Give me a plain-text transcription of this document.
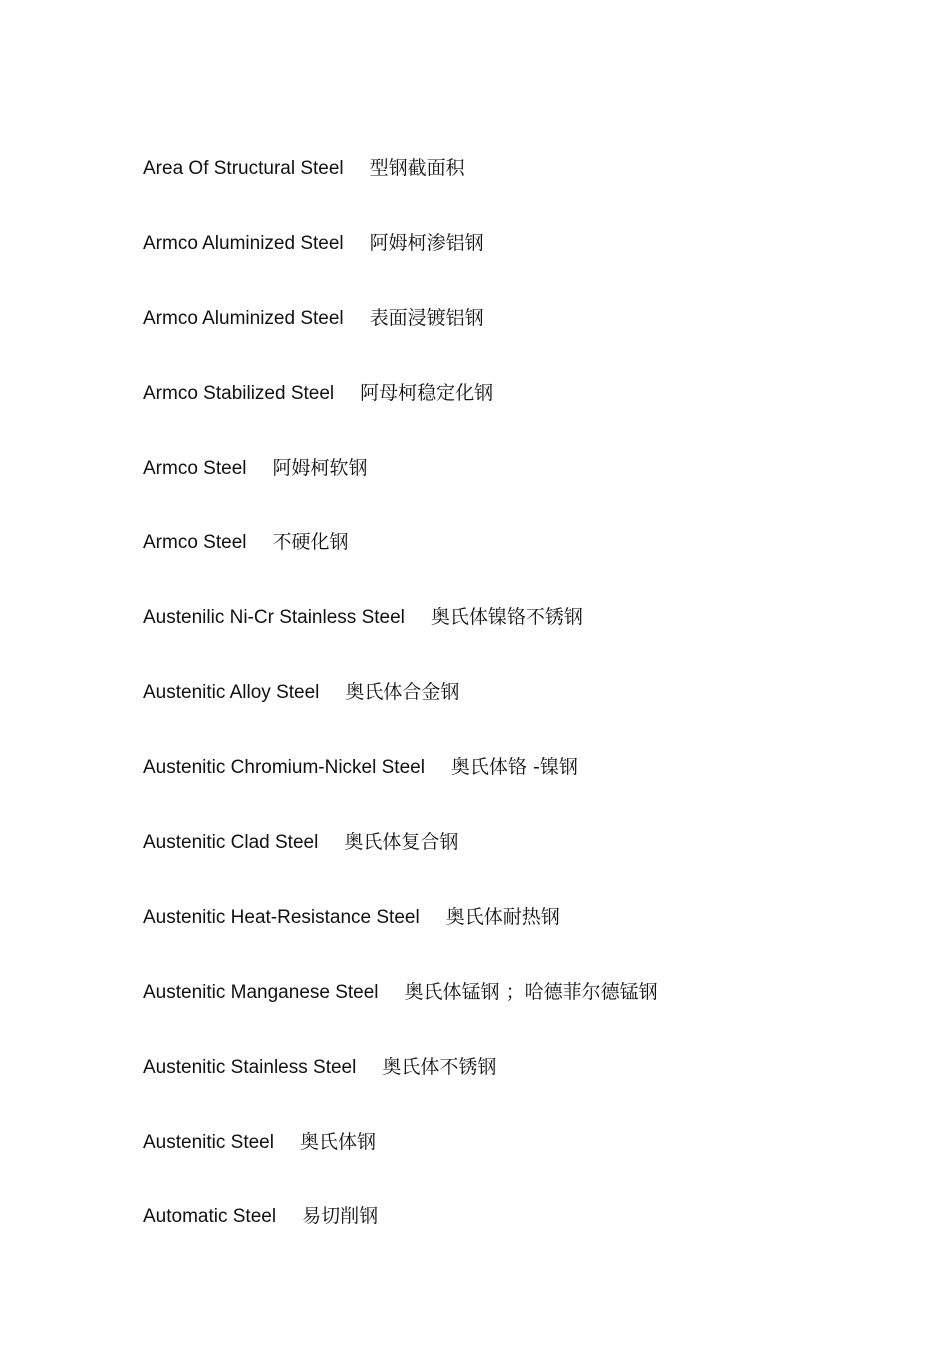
Area Of Structural Steel 型钢截面积
Armco Aluminized Steel 阿姆柯渗铝钢
Armco Aluminized Steel 表面浸镀铝钢
Armco Stabilized Steel 阿母柯稳定化钢
Armco Steel 阿姆柯软钢
Armco Steel 不硬化钢
Austenilic Ni-Cr Stainless Steel 奥氏体镍铬不锈钢
Austenitic Alloy Steel 奥氏体合金钢
Austenitic Chromium-Nickel Steel 奥氏体铬 -镍钢
Austenitic Clad Steel 奥氏体复合钢
Austenitic Heat-Resistance Steel 奥氏体耐热钢
Austenitic Manganese Steel 奥氏体锰钢 ；哈德菲尔德锰钢
Austenitic Stainless Steel 奥氏体不锈钢
Austenitic Steel 奥氏体钢
Automatic Steel 易切削钢
